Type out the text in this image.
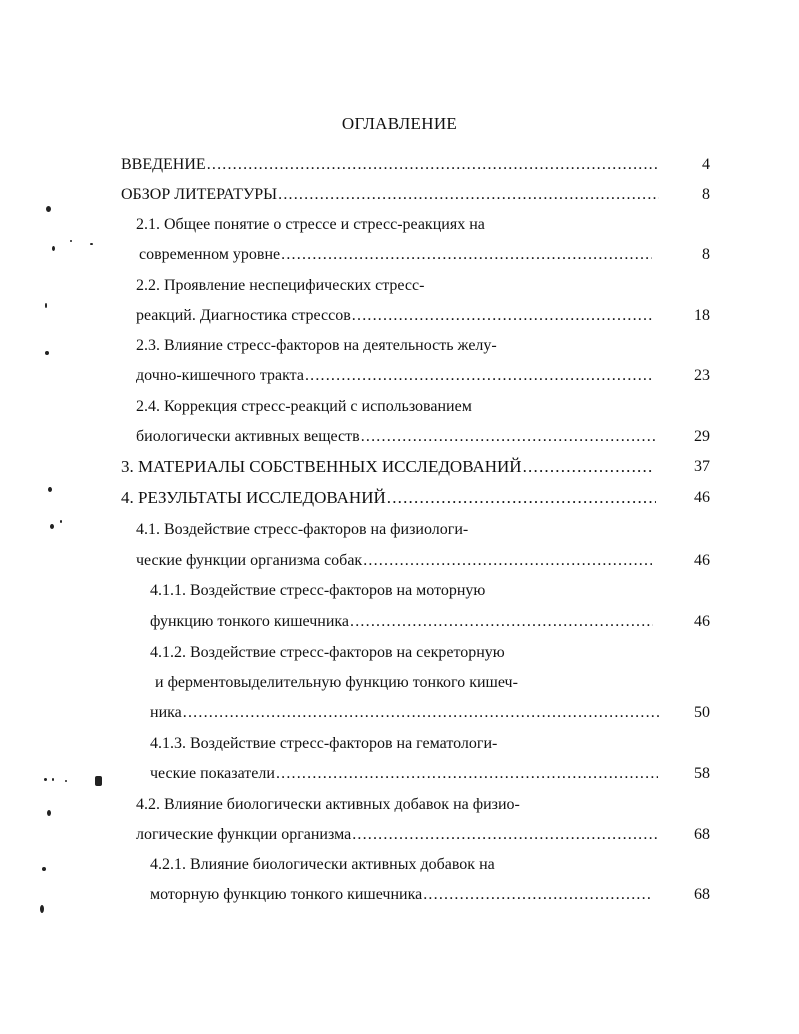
ОГЛАВЛЕНИЕ
ВВЕДЕНИЕ .....	4
ОБЗОР ЛИТЕРАТУРЫ .....	8
2.1. Общее понятие о стрессе и стресс-реакциях на
современном уровне .....	8
2.2. Проявление неспецифических стресс-
реакций. Диагностика стрессов .....	18
2.3. Влияние стресс-факторов на деятельность желу-
дочно-кишечного тракта .....	23
2.4. Коррекция стресс-реакций с использованием
биологически активных веществ .....	29
3. МАТЕРИАЛЫ СОБСТВЕННЫХ ИССЛЕДОВАНИЙ .....	37
4. РЕЗУЛЬТАТЫ ИССЛЕДОВАНИЙ .....	46
4.1. Воздействие стресс-факторов на физиологи-
ческие функции организма собак .....	46
4.1.1. Воздействие стресс-факторов на моторную
функцию тонкого кишечника .....	46
4.1.2. Воздействие стресс-факторов на секреторную
и ферментовыделительную функцию тонкого кишеч-
ника .....	50
4.1.3. Воздействие стресс-факторов на гематологи-
ческие показатели .....	58
4.2. Влияние биологически активных добавок на физио-
логические функции организма .....	68
4.2.1. Влияние биологически активных добавок на
моторную функцию тонкого кишечника .....	68
